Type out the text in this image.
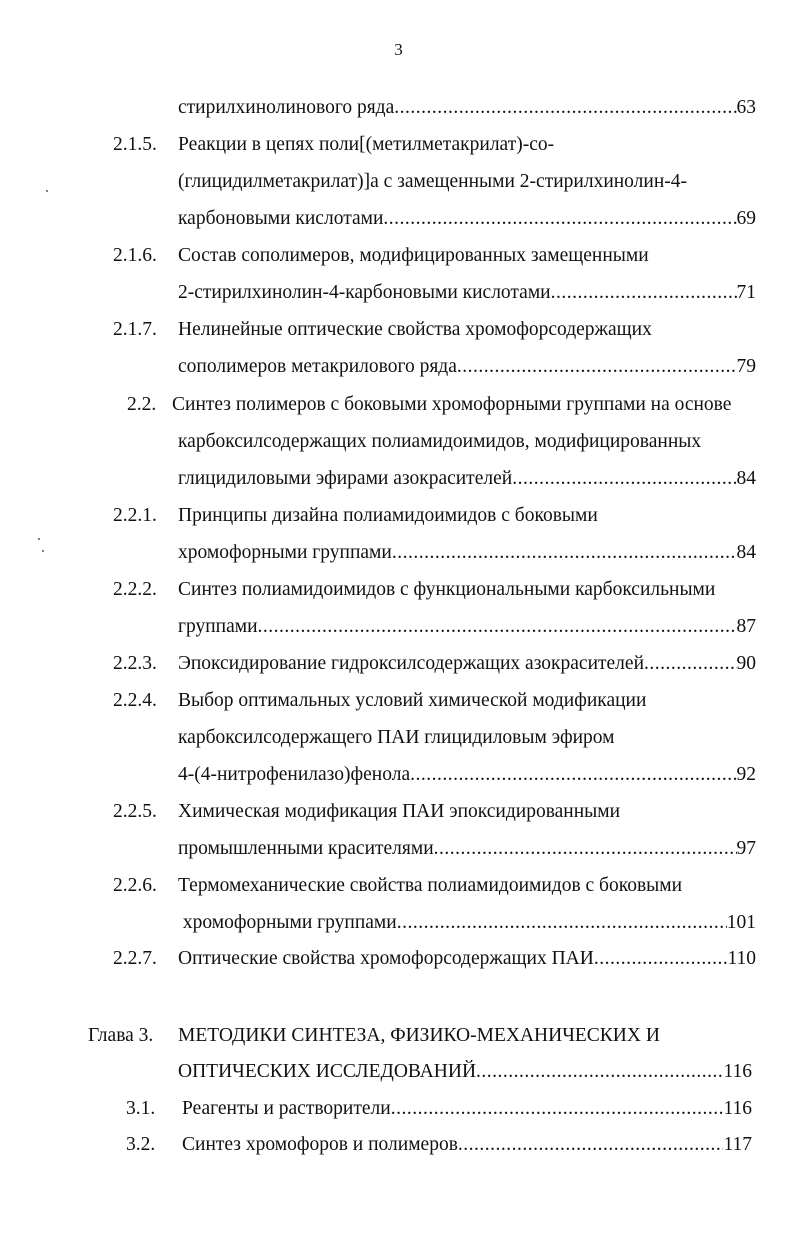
3
стирилхинолинового ряда .....	63
2.1.5. Реакции в цепях поли[(метилметакрилат)-со-
(глицидилметакрилат)]а с замещенными 2-стирилхинолин-4-
карбоновыми кислотами .....	69
2.1.6. Состав сополимеров, модифицированных замещенными
2-стирилхинолин-4-карбоновыми кислотами .....	71
2.1.7. Нелинейные оптические свойства хромофорсодержащих
сополимеров метакрилового ряда .....	79
2.2. Синтез полимеров с боковыми хромофорными группами на основе
карбоксилсодержащих полиамидоимидов, модифицированных
глицидиловыми эфирами азокрасителей .....	84
2.2.1. Принципы дизайна полиамидоимидов с боковыми
хромофорными группами .....	84
2.2.2. Синтез полиамидоимидов с функциональными карбоксильными
группами .....	87
2.2.3. Эпоксидирование гидроксилсодержащих азокрасителей .....	90
2.2.4. Выбор оптимальных условий химической модификации
карбоксилсодержащего ПАИ глицидиловым эфиром
4-(4-нитрофенилазо)фенола .....	92
2.2.5. Химическая модификация ПАИ эпоксидированными
промышленными красителями .....	97
2.2.6. Термомеханические свойства полиамидоимидов с боковыми
хромофорными группами .....	101
2.2.7. Оптические свойства хромофорсодержащих ПАИ .....	110
Глава 3. МЕТОДИКИ СИНТЕЗА, ФИЗИКО-МЕХАНИЧЕСКИХ И
ОПТИЧЕСКИХ ИССЛЕДОВАНИЙ .....	116
3.1. Реагенты и растворители .....	116
3.2. Синтез хромофоров и полимеров .....	117
